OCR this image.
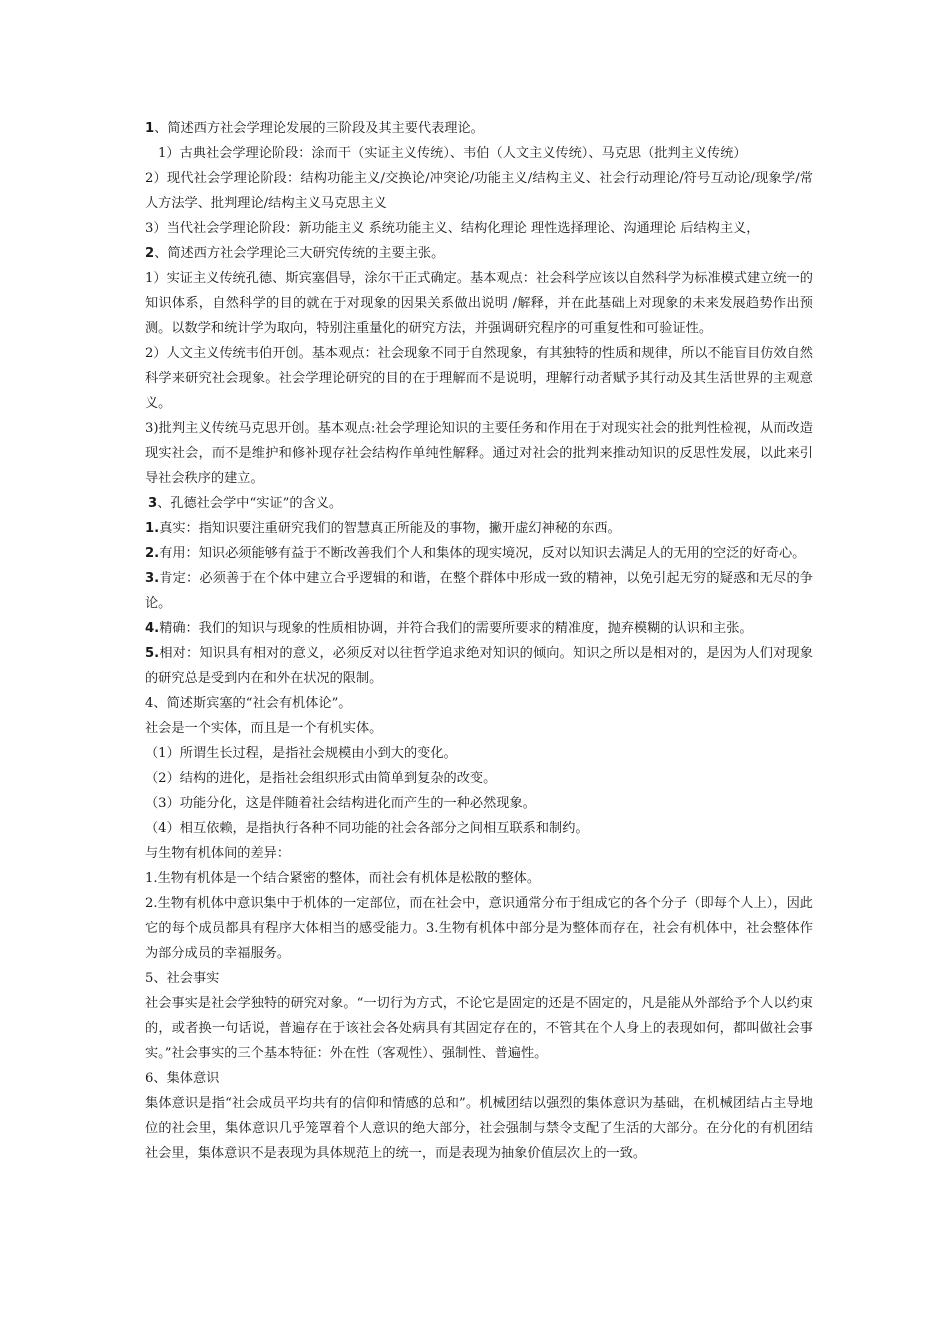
1、简述西方社会学理论发展的三阶段及其主要代表理论。

1）古典社会学理论阶段：涂而干（实证主义传统）、韦伯（人文主义传统）、马克思（批判主义传统）

2）现代社会学理论阶段：结构功能主义/交换论/冲突论/功能主义/结构主义、社会行动理论/符号互动论/现象学/常人方法学、批判理论/结构主义马克思主义

3）当代社会学理论阶段：新功能主义 系统功能主义、结构化理论 理性选择理论、沟通理论 后结构主义，

2、简述西方社会学理论三大研究传统的主要主张。

1）实证主义传统孔德、斯宾塞倡导，涂尔干正式确定。基本观点：社会科学应该以自然科学为标准模式建立统一的知识体系，自然科学的目的就在于对现象的因果关系做出说明 /解释，并在此基础上对现象的未来发展趋势作出预测。以数学和统计学为取向，特别注重量化的研究方法，并强调研究程序的可重复性和可验证性。

2）人文主义传统韦伯开创。基本观点：社会现象不同于自然现象，有其独特的性质和规律，所以不能盲目仿效自然科学来研究社会现象。社会学理论研究的目的在于理解而不是说明，理解行动者赋予其行动及其生活世界的主观意义。

3)批判主义传统马克思开创。基本观点:社会学理论知识的主要任务和作用在于对现实社会的批判性检视，从而改造现实社会，而不是维护和修补现存社会结构作单纯性解释。通过对社会的批判来推动知识的反思性发展，以此来引导社会秩序的建立。

3、孔德社会学中“实证”的含义。

1.真实：指知识要注重研究我们的智慧真正所能及的事物，撇开虚幻神秘的东西。

2.有用：知识必须能够有益于不断改善我们个人和集体的现实境况，反对以知识去满足人的无用的空泛的好奇心。

3.肯定：必须善于在个体中建立合乎逻辑的和谐，在整个群体中形成一致的精神，以免引起无穷的疑惑和无尽的争论。

4.精确：我们的知识与现象的性质相协调，并符合我们的需要所要求的精准度，抛弃模糊的认识和主张。

5.相对：知识具有相对的意义，必须反对以往哲学追求绝对知识的倾向。知识之所以是相对的，是因为人们对现象的研究总是受到内在和外在状况的限制。

4、简述斯宾塞的“社会有机体论”。

社会是一个实体，而且是一个有机实体。

（1）所谓生长过程，是指社会规模由小到大的变化。

（2）结构的进化，是指社会组织形式由简单到复杂的改变。

（3）功能分化，这是伴随着社会结构进化而产生的一种必然现象。

（4）相互依赖，是指执行各种不同功能的社会各部分之间相互联系和制约。

与生物有机体间的差异：

1.生物有机体是一个结合紧密的整体，而社会有机体是松散的整体。

2.生物有机体中意识集中于机体的一定部位，而在社会中，意识通常分布于组成它的各个分子（即每个人上），因此它的每个成员都具有程序大体相当的感受能力。3.生物有机体中部分是为整体而存在，社会有机体中，社会整体作为部分成员的幸福服务。

5、社会事实

社会事实是社会学独特的研究对象。“一切行为方式，不论它是固定的还是不固定的，凡是能从外部给予个人以约束的，或者换一句话说，普遍存在于该社会各处病具有其固定存在的，不管其在个人身上的表现如何，都叫做社会事实。”社会事实的三个基本特征：外在性（客观性）、强制性、普遍性。

6、集体意识

集体意识是指“社会成员平均共有的信仰和情感的总和”。机械团结以强烈的集体意识为基础，在机械团结占主导地位的社会里，集体意识几乎笼罩着个人意识的绝大部分，社会强制与禁令支配了生活的大部分。在分化的有机团结社会里，集体意识不是表现为具体规范上的统一，而是表现为抽象价值层次上的一致。
